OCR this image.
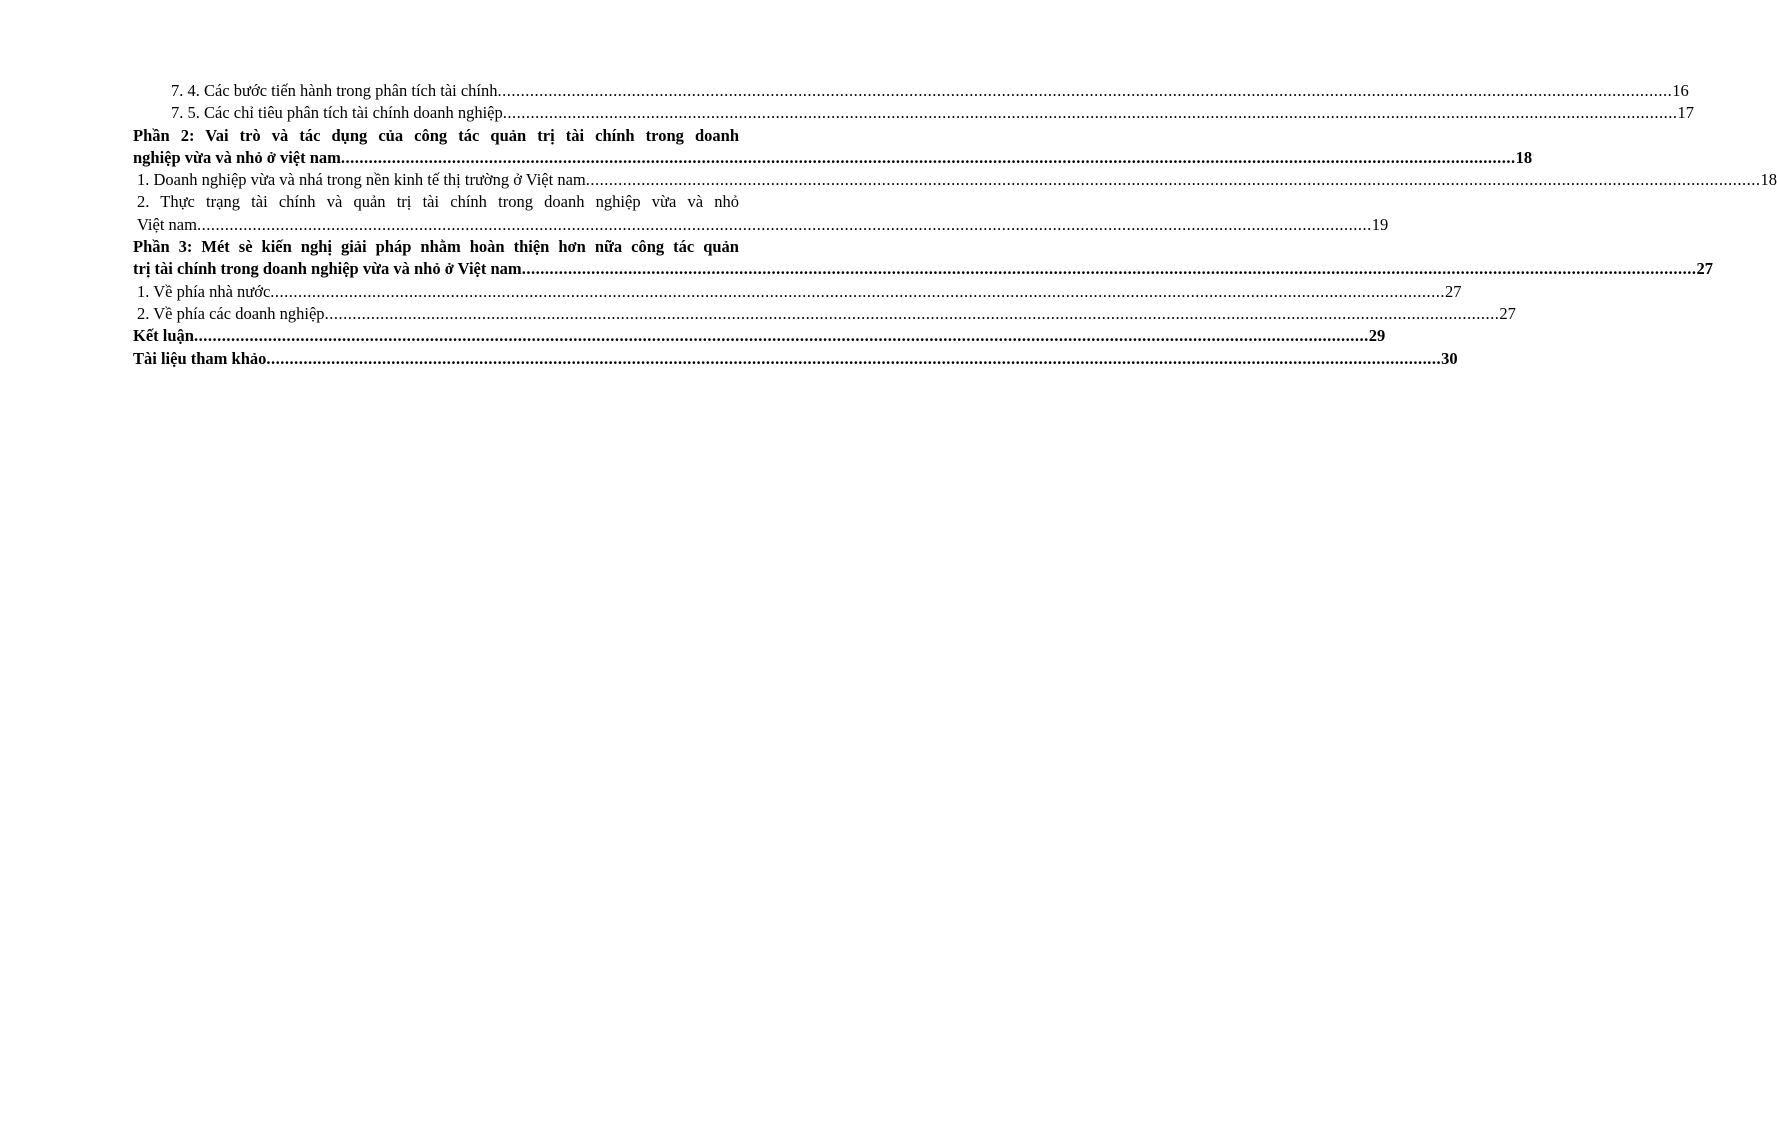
7. 4. Các bước tiến hành trong phân tích tài chính .....	16
7. 5. Các chỉ tiêu phân tích tài chính doanh nghiệp .....	17
Phần 2: Vai trò và tác dụng của công tác quản trị tài chính trong doanh
nghiệp vừa và nhỏ ở việt nam .....	18
1. Doanh nghiệp vừa và nhá trong nền kinh tế thị trường ở Việt nam .....	18
2. Thực trạng tài chính và quản trị tài chính trong doanh nghiệp vừa và nhỏ
Việt nam .....	19
Phần 3: Mét sè kiến nghị giải pháp nhằm hoàn thiện hơn nữa công tác quản
trị tài chính trong doanh nghiệp vừa và nhỏ ở Việt nam .....	27
1. Về phía nhà nước .....	27
2. Về phía các doanh nghiệp .....	27
Kết luận .....	29
Tài liệu tham khảo .....	30
